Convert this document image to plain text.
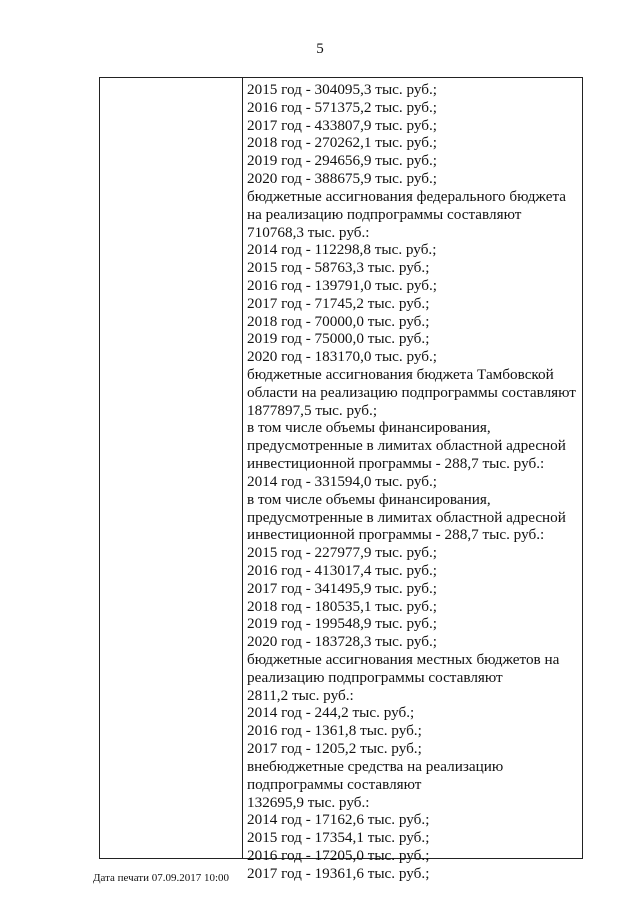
5
2015 год - 304095,3 тыс. руб.;
2016 год - 571375,2 тыс. руб.;
2017 год - 433807,9 тыс. руб.;
2018 год - 270262,1 тыс. руб.;
2019 год - 294656,9 тыс. руб.;
2020 год - 388675,9 тыс. руб.;
бюджетные ассигнования федерального бюджета
на реализацию подпрограммы составляют
710768,3 тыс. руб.:
2014 год - 112298,8 тыс. руб.;
2015 год - 58763,3 тыс. руб.;
2016 год - 139791,0 тыс. руб.;
2017 год - 71745,2 тыс. руб.;
2018 год - 70000,0 тыс. руб.;
2019 год - 75000,0 тыс. руб.;
2020 год - 183170,0 тыс. руб.;
бюджетные ассигнования бюджета Тамбовской
области на реализацию подпрограммы составляют
1877897,5 тыс. руб.;
в том числе объемы финансирования,
предусмотренные в лимитах областной адресной
инвестиционной программы - 288,7 тыс. руб.:
2014 год - 331594,0 тыс. руб.;
в том числе объемы финансирования,
предусмотренные в лимитах областной адресной
инвестиционной программы - 288,7 тыс. руб.:
2015 год - 227977,9 тыс. руб.;
2016 год - 413017,4 тыс. руб.;
2017 год - 341495,9 тыс. руб.;
2018 год - 180535,1 тыс. руб.;
2019 год - 199548,9 тыс. руб.;
2020 год - 183728,3 тыс. руб.;
бюджетные ассигнования местных бюджетов на
реализацию подпрограммы составляют
2811,2 тыс. руб.:
2014 год - 244,2 тыс. руб.;
2016 год - 1361,8 тыс. руб.;
2017 год - 1205,2 тыс. руб.;
внебюджетные средства на реализацию
подпрограммы составляют
132695,9 тыс. руб.:
2014 год - 17162,6 тыс. руб.;
2015 год - 17354,1 тыс. руб.;
2016 год - 17205,0 тыс. руб.;
2017 год - 19361,6 тыс. руб.;
Дата печати 07.09.2017 10:00
